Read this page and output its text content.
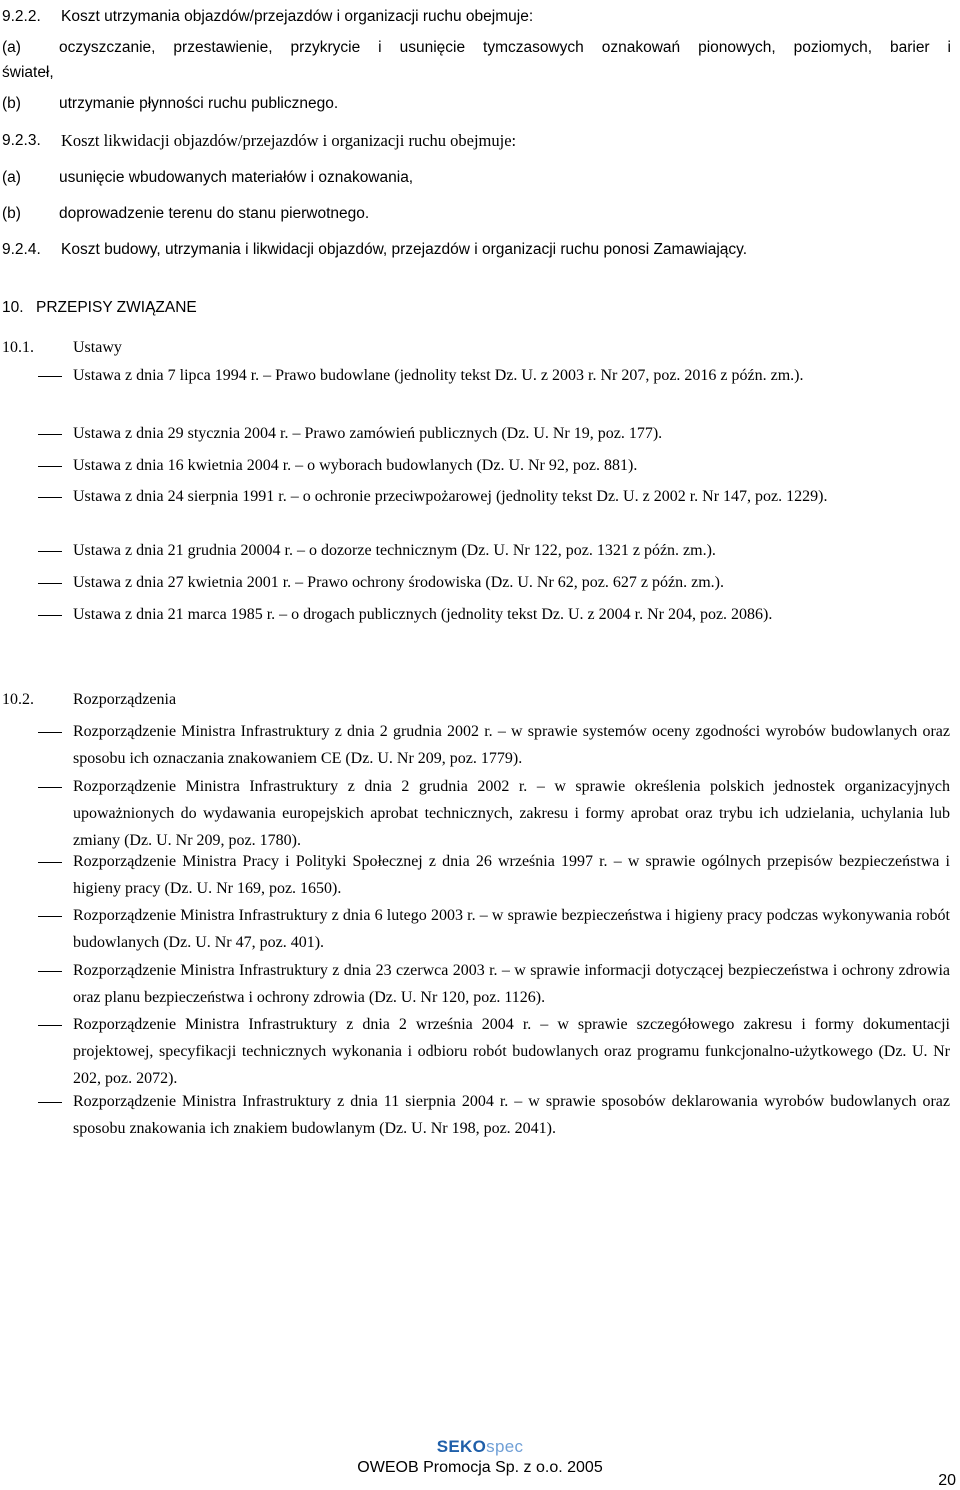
9.2.2. Koszt utrzymania objazdów/przejazdów i organizacji ruchu obejmuje:
(a) oczyszczanie, przestawienie, przykrycie i usunięcie tymczasowych oznakowań pionowych, poziomych, barier i
świateł,
(b) utrzymanie płynności ruchu publicznego.
9.2.3. Koszt likwidacji objazdów/przejazdów i organizacji ruchu obejmuje:
(a) usunięcie wbudowanych materiałów i oznakowania,
(b) doprowadzenie terenu do stanu pierwotnego.
9.2.4. Koszt budowy, utrzymania i likwidacji objazdów, przejazdów i organizacji ruchu ponosi Zamawiający.
10. PRZEPISY ZWIĄZANE
10.1. Ustawy
Ustawa z dnia 7 lipca 1994 r. – Prawo budowlane (jednolity tekst Dz. U. z 2003 r. Nr 207, poz. 2016 z późn. zm.).
Ustawa z dnia 29 stycznia 2004 r. – Prawo zamówień publicznych (Dz. U. Nr 19, poz. 177).
Ustawa z dnia 16 kwietnia 2004 r. – o wyborach budowlanych (Dz. U. Nr 92, poz. 881).
Ustawa z dnia 24 sierpnia 1991 r. – o ochronie przeciwpożarowej (jednolity tekst Dz. U. z 2002 r. Nr 147, poz. 1229).
Ustawa z dnia 21 grudnia 20004 r. – o dozorze technicznym (Dz. U. Nr 122, poz. 1321 z późn. zm.).
Ustawa z dnia 27 kwietnia 2001 r. – Prawo ochrony środowiska (Dz. U. Nr 62, poz. 627 z późn. zm.).
Ustawa z dnia 21 marca 1985 r. – o drogach publicznych (jednolity tekst Dz. U. z 2004 r. Nr 204, poz. 2086).
10.2. Rozporządzenia
Rozporządzenie Ministra Infrastruktury z dnia 2 grudnia 2002 r. – w sprawie systemów oceny zgodności wyrobów budowlanych oraz sposobu ich oznaczania znakowaniem CE (Dz. U. Nr 209, poz. 1779).
Rozporządzenie Ministra Infrastruktury z dnia 2 grudnia 2002 r. – w sprawie określenia polskich jednostek organizacyjnych upoważnionych do wydawania europejskich aprobat technicznych, zakresu i formy aprobat oraz trybu ich udzielania, uchylania lub zmiany (Dz. U. Nr 209, poz. 1780).
Rozporządzenie Ministra Pracy i Polityki Społecznej z dnia 26 września 1997 r. – w sprawie ogólnych przepisów bezpieczeństwa i higieny pracy (Dz. U. Nr 169, poz. 1650).
Rozporządzenie Ministra Infrastruktury z dnia 6 lutego 2003 r. – w sprawie bezpieczeństwa i higieny pracy podczas wykonywania robót budowlanych (Dz. U. Nr 47, poz. 401).
Rozporządzenie Ministra Infrastruktury z dnia 23 czerwca 2003 r. – w sprawie informacji dotyczącej bezpieczeństwa i ochrony zdrowia oraz planu bezpieczeństwa i ochrony zdrowia (Dz. U. Nr 120, poz. 1126).
Rozporządzenie Ministra Infrastruktury z dnia 2 września 2004 r. – w sprawie szczegółowego zakresu i formy dokumentacji projektowej, specyfikacji technicznych wykonania i odbioru robót budowlanych oraz programu funkcjonalno-użytkowego (Dz. U. Nr 202, poz. 2072).
Rozporządzenie Ministra Infrastruktury z dnia 11 sierpnia 2004 r. – w sprawie sposobów deklarowania wyrobów budowlanych oraz sposobu znakowania ich znakiem budowlanym (Dz. U. Nr 198, poz. 2041).
SEKOspec
OWEOB Promocja Sp. z o.o. 2005
20
